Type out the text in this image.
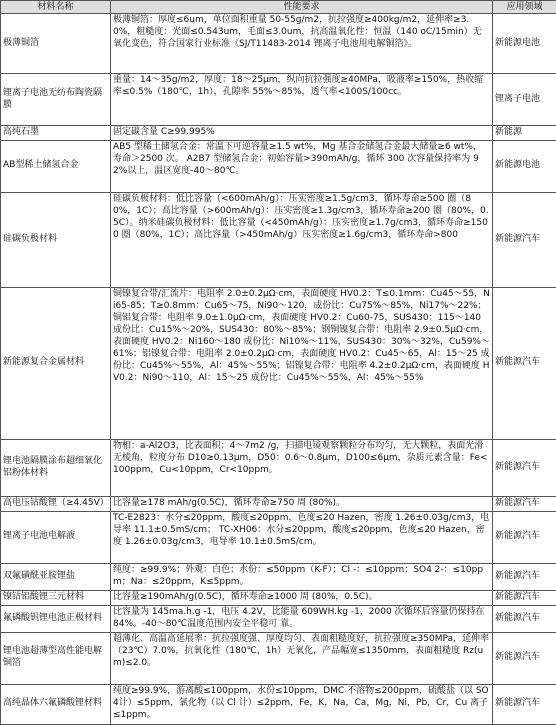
材料名称	性能要求	应用领域
极薄铜箔	极薄铜箔：厚度≤6um，单位面积重量 50-55g/m2，抗拉强度≥400kg/m2，延伸率≥3.0%，粗糙度：光面≤0.543um，毛面≤3.0um，抗高温氧化性：恒温（140 oC/15min）无氧化变色，符合国家行业标准《SJ/T11483-2014 锂离子电池用电解铜箔》。	新能源电池
锂离子电池无纺布陶瓷隔膜	重量：14～35g/m2，厚度：18～25μm，纵向抗拉强度≥40MPa，吸液率≥150%，热收缩率≤0.5%（180℃，1h），孔隙率 55%～85%，透气率<100S/100cc。	锂离子电池
高纯石墨	固定碳含量 C≥99.995%	新能源
AB型稀土储氢合金	AB5 型稀土储氢合金：常温下可逆容量≥1.5 wt%，Mg 基合金储氢合金最大储量≥6 wt%，寿命＞2500 次。 A2B7 型储氢合金：初始容量>390mAh/g，循环 300 次容量保持率为 92%以上，温区宽度-40～80℃。	新能源电池
硅碳负极材料	硅碳负极材料：低比容量（<600mAh/g）：压实密度≥1.5g/cm3，循环寿命≥500 圈（80%，1C）；高比容量（>600mAh/g）：压实密度≥1.3g/cm3，循环寿命≥200 圈（80%，0.5C）。纳米硅碳负极材料：低比容量（<450mAh/g）：压实密度≥1.7g/cm3，循环寿命≥1500 圈（80%，1C）；高比容量（>450mAh/g）压实密度≥1.6g/cm3，循环寿命>800	新能源汽车
新能源复合金属材料	铜镍复合带/汇流片：电阻率 2.0±0.2μΩ·cm，表面硬度 HV0.2：T≤0.1mm：Cu45～55，Ni65-85；T≥0.8mm：Cu65～75，Ni90～120，成份比：Cu75%～85%，Ni17%～22%；铜铝复合带：电阻率 9.0±1.0μΩ·cm，表面硬度 HV0.2：Cu60-75，SUS430：115～140 成份比：Cu15%～20%，SUS430：80%～85%；钢铜镍复合带：电阻率 2.9±0.5μΩ·cm，表面硬度 HV0.2：Ni160～180 成份比：Ni10%～11%，SUS430：30%～32%，Cu59%～61%；铝镍复合带：电阻率 2.0±0.2μΩ·cm，表面硬度 HV0.2：Cu45～65，Al：15～25 成份比：Cu45%～55%，Al：45%～55%；铝镍复合带：电阻率 4.2±0.2μΩ·cm，表面硬度 HV0.2：Ni90～110，Al：15～25 成份比：Cu45%～55%，Al：45%～55%	新能源汽车
锂电池隔膜涂布超细氧化铝粉体材料	物相：a-Al2O3，比表面积：4～7m2 /g，扫描电镜观察颗粒分布均匀，无大颗粒，表面光滑无棱角，粒度分布 D10≥0.13μm，D50：0.6～0.8μm，D100≤6μm，杂质元素含量：Fe<100ppm，Cu<10ppm，Cr<10ppm。	新能源汽车
高电压钴酸锂（≥4.45V）	比容量≥178 mAh/g(0.5C)，循环寿命≥750 周 (80%)。	新能源汽车
锂离子电池电解液	TC-E2823：水分≤20ppm，酸度≤20ppm，色度≤20 Hazen，密度 1.26±0.03g/cm3，电导率 11.1±0.5mS/cm； TC-XH06：水分≤20ppm，酸度≤20ppm，色度≤20 Hazen，密度 1.26±0.03g/cm3，电导率 10.1±0.5mS/cm。	新能源汽车
双氟磺酰亚胺锂盐	纯度：≥99.9%；外观：白色；水份：≤50ppm（K-F）；Cl -：≤10ppm；SO4 2-：≤10ppm；Na：≤20ppm，K≤5ppm。	新能源汽车
镍钴铝酸锂三元材料	比容量≥190mAh/g(0.5C)，循环寿命≥1000 周 (80%，0.5C)。	新能源汽车
氟磷酸钒锂电池正极材料	比容量为 145ma.h.g -1，电压 4.2V，比能量 609WH.kg -1，2000 次循环后容量仍保持在 84%。-40～80℃温度范围内安全平稳可 靠。	新能源汽车
锂电池超薄型高性能电解铜箔	超薄化、高温高延展率：抗拉强度强、厚度均匀、表面粗糙度好，抗拉强度≥350MPa，延伸率（23℃）7.0%，抗氧化性（180℃，1h）无氧化，产品幅宽≤1350mm，表面粗糙度 Rz(um)≤2.0。	新能源汽车
高纯晶体六氟磷酸锂材料	纯度≥99.9%，游离酸≤100ppm，水份≤10ppm，DMC 不溶物≤200ppm，硫酸盐（以 SO4计）≤5ppm，氯化物（以 Cl 计）≤2ppm，Fe，K，Na，Ca，Mg，Ni，Pb，Cr，Cu 离子≤1ppm。	新能源汽车
